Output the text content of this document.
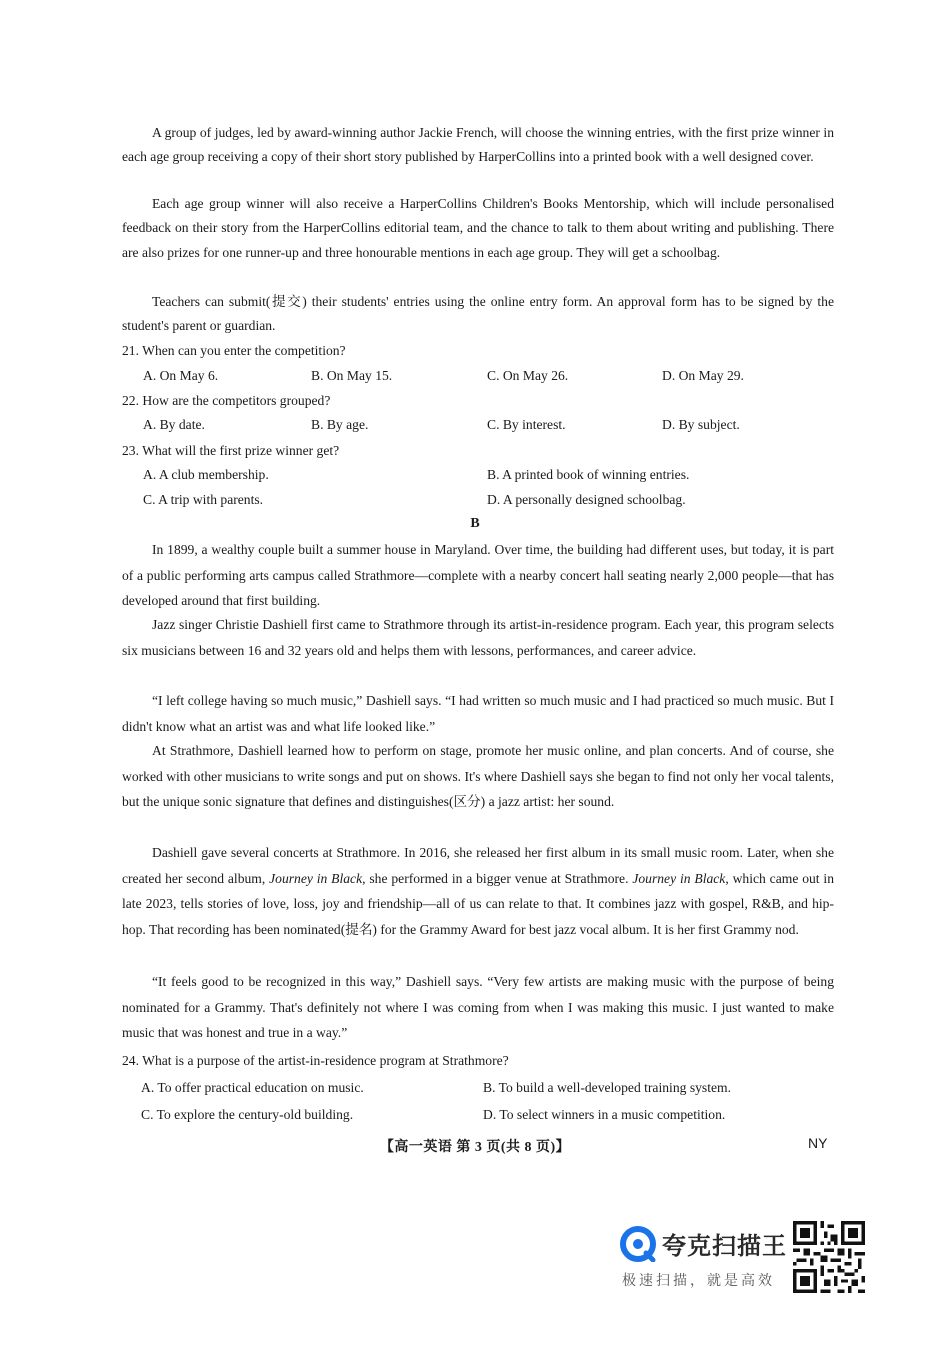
A group of judges, led by award-winning author Jackie French, will choose the winning entries, with the first prize winner in each age group receiving a copy of their short story published by HarperCollins into a printed book with a well designed cover.

Each age group winner will also receive a HarperCollins Children's Books Mentorship, which will include personalised feedback on their story from the HarperCollins editorial team, and the chance to talk to them about writing and publishing. There are also prizes for one runner-up and three honourable mentions in each age group. They will get a schoolbag.

Teachers can submit(提交) their students' entries using the online entry form. An approval form has to be signed by the student's parent or guardian.

21. When can you enter the competition?
A. On May 6.	B. On May 15.	C. On May 26.	D. On May 29.
22. How are the competitors grouped?
A. By date.	B. By age.	C. By interest.	D. By subject.
23. What will the first prize winner get?
A. A club membership.	B. A printed book of winning entries.
C. A trip with parents.	D. A personally designed schoolbag.
B

In 1899, a wealthy couple built a summer house in Maryland. Over time, the building had different uses, but today, it is part of a public performing arts campus called Strathmore—complete with a nearby concert hall seating nearly 2,000 people—that has developed around that first building.

Jazz singer Christie Dashiell first came to Strathmore through its artist-in-residence program. Each year, this program selects six musicians between 16 and 32 years old and helps them with lessons, performances, and career advice.

“I left college having so much music,” Dashiell says. “I had written so much music and I had practiced so much music. But I didn't know what an artist was and what life looked like.”

At Strathmore, Dashiell learned how to perform on stage, promote her music online, and plan concerts. And of course, she worked with other musicians to write songs and put on shows. It's where Dashiell says she began to find not only her vocal talents, but the unique sonic signature that defines and distinguishes(区分) a jazz artist: her sound.

Dashiell gave several concerts at Strathmore. In 2016, she released her first album in its small music room. Later, when she created her second album, Journey in Black, she performed in a bigger venue at Strathmore. Journey in Black, which came out in late 2023, tells stories of love, loss, joy and friendship—all of us can relate to that. It combines jazz with gospel, R&B, and hip-hop. That recording has been nominated(提名) for the Grammy Award for best jazz vocal album. It is her first Grammy nod.

“It feels good to be recognized in this way,” Dashiell says. “Very few artists are making music with the purpose of being nominated for a Grammy. That's definitely not where I was coming from when I was making this music. I just wanted to make music that was honest and true in a way.”

24. What is a purpose of the artist-in-residence program at Strathmore?
A. To offer practical education on music.	B. To build a well-developed training system.
C. To explore the century-old building.	D. To select winners in a music competition.
【高一英语 第 3 页(共 8 页)】	NY
夸克扫描王
极速扫描，就是高效
